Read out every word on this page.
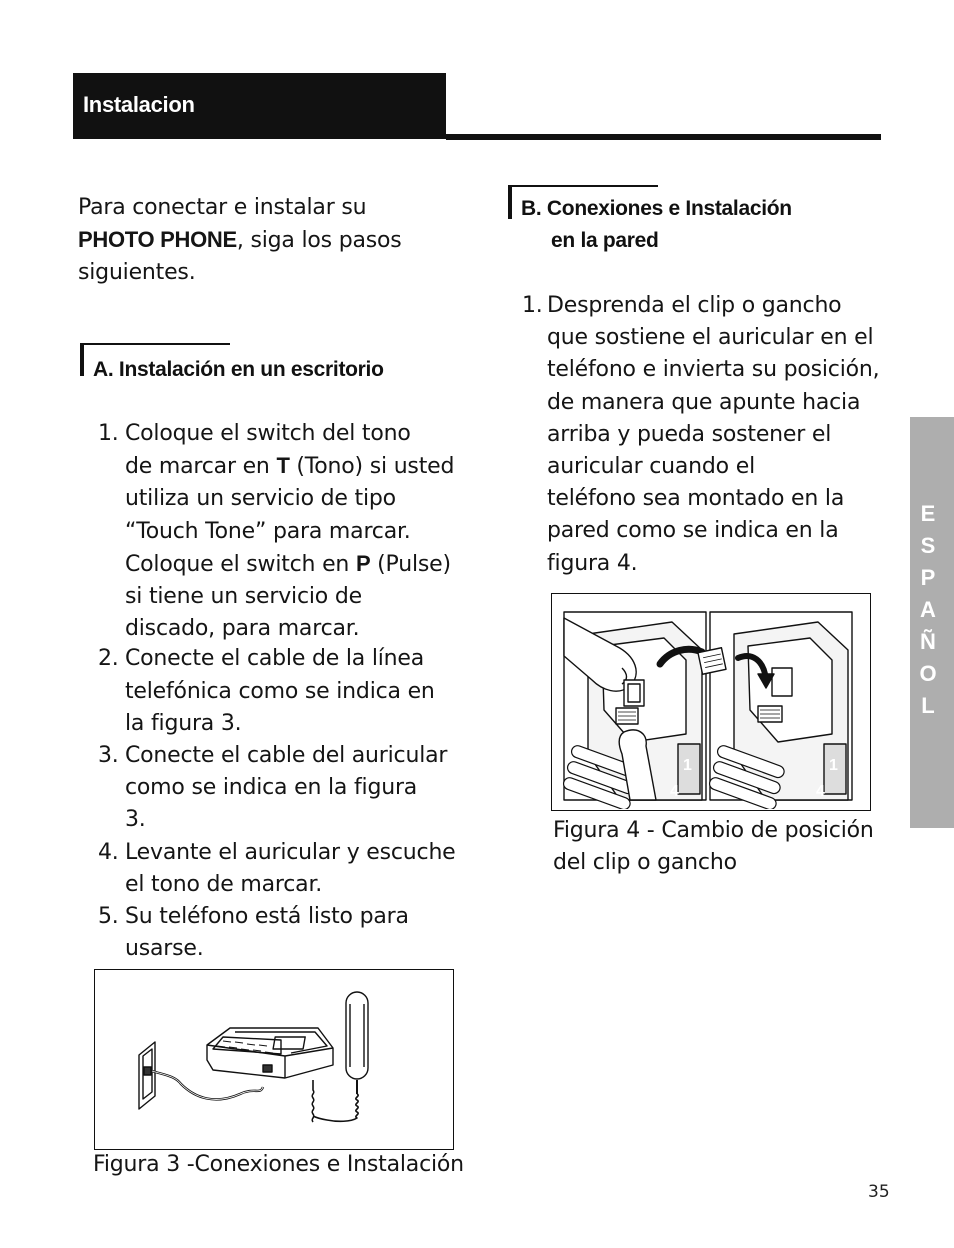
Instalacion
Para conectar e instalar su
PHOTO PHONE, siga los pasos
siguientes.
A. Instalación en un escritorio
1. Coloque el switch del tono
de marcar en T (Tono) si usted
utiliza un servicio de tipo
“Touch Tone” para marcar.
Coloque el switch en P (Pulse)
si tiene un servicio de
discado, para marcar.
2. Conecte el cable de la línea
telefónica como se indica en
la figura 3.
3. Conecte el cable del auricular
como se indica en la figura
3.
4. Levante el auricular y escuche
el tono de marcar.
5. Su teléfono está listo para
usarse.
Figura 3 -Conexiones e Instalación
B. Conexiones e Instalación
en la pared
1. Desprenda el clip o gancho
que sostiene el auricular en el
teléfono e invierta su posición,
de manera que apunte hacia
arriba y pueda sostener el
auricular cuando el
teléfono sea montado en la
pared como se indica en la
figura 4.
1
4
1
4
Figura 4 - Cambio de posición
del clip o gancho
E
S
P
A
Ñ
O
L
35
